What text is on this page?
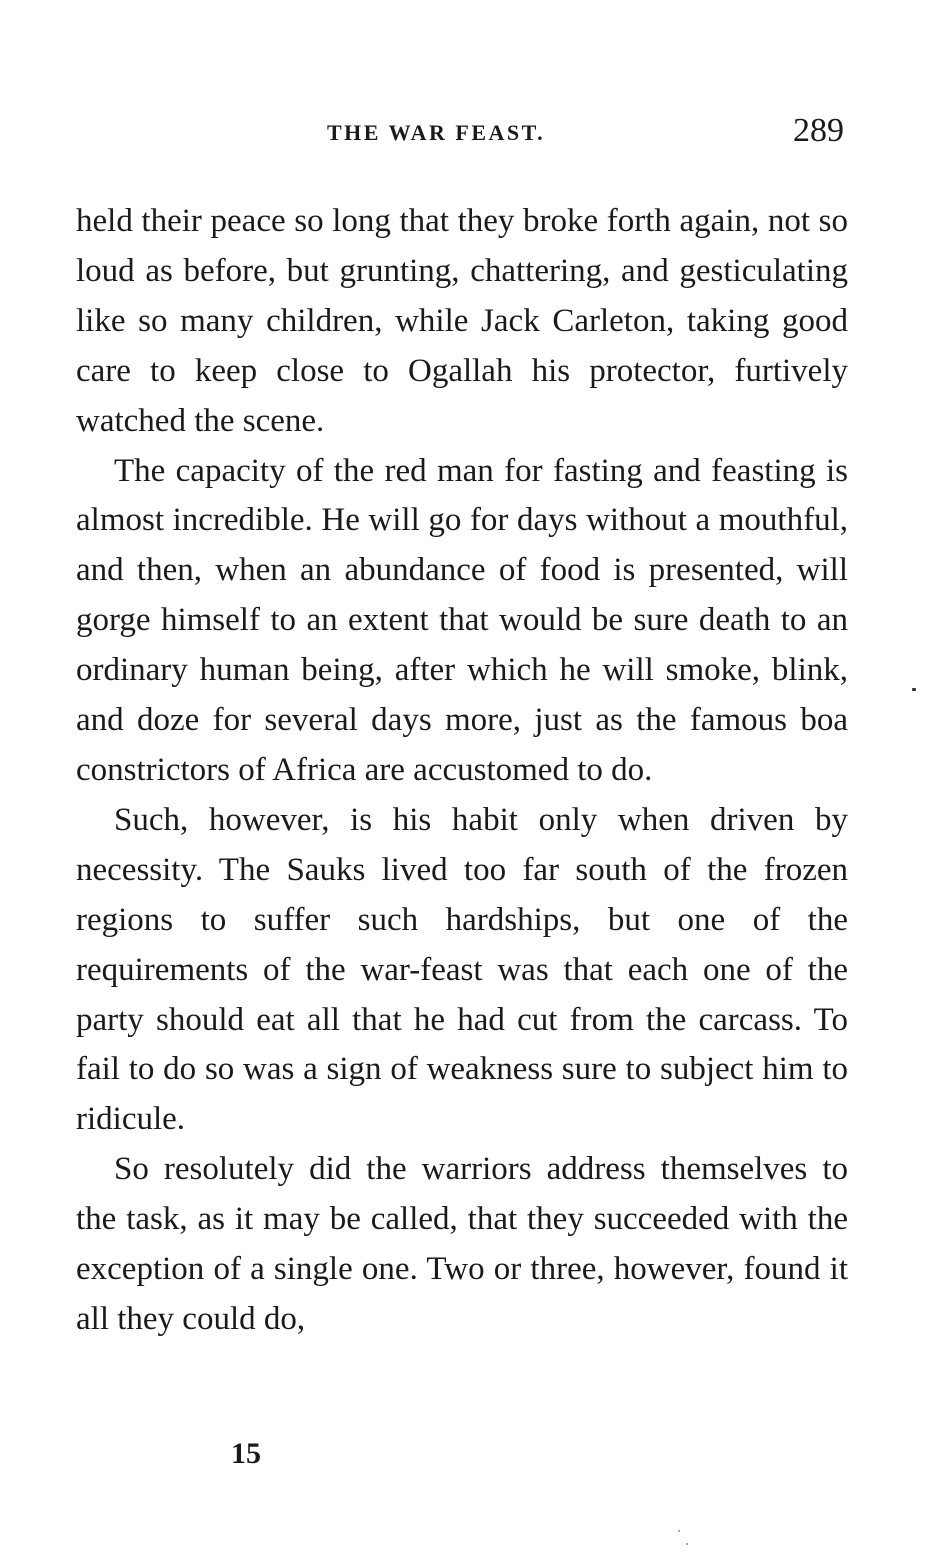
THE WAR FEAST.	289

held their peace so long that they broke forth again, not so loud as before, but grunting, chattering, and gesticulating like so many children, while Jack Carleton, taking good care to keep close to Ogallah his protector, furtively watched the scene.

The capacity of the red man for fasting and feasting is almost incredible. He will go for days without a mouthful, and then, when an abundance of food is presented, will gorge himself to an extent that would be sure death to an ordinary human being, after which he will smoke, blink, and doze for several days more, just as the famous boa constrictors of Africa are accustomed to do.

Such, however, is his habit only when driven by necessity. The Sauks lived too far south of the frozen regions to suffer such hardships, but one of the requirements of the war-feast was that each one of the party should eat all that he had cut from the carcass. To fail to do so was a sign of weakness sure to subject him to ridicule.

So resolutely did the warriors address themselves to the task, as it may be called, that they succeeded with the exception of a single one. Two or three, however, found it all they could do,

15
